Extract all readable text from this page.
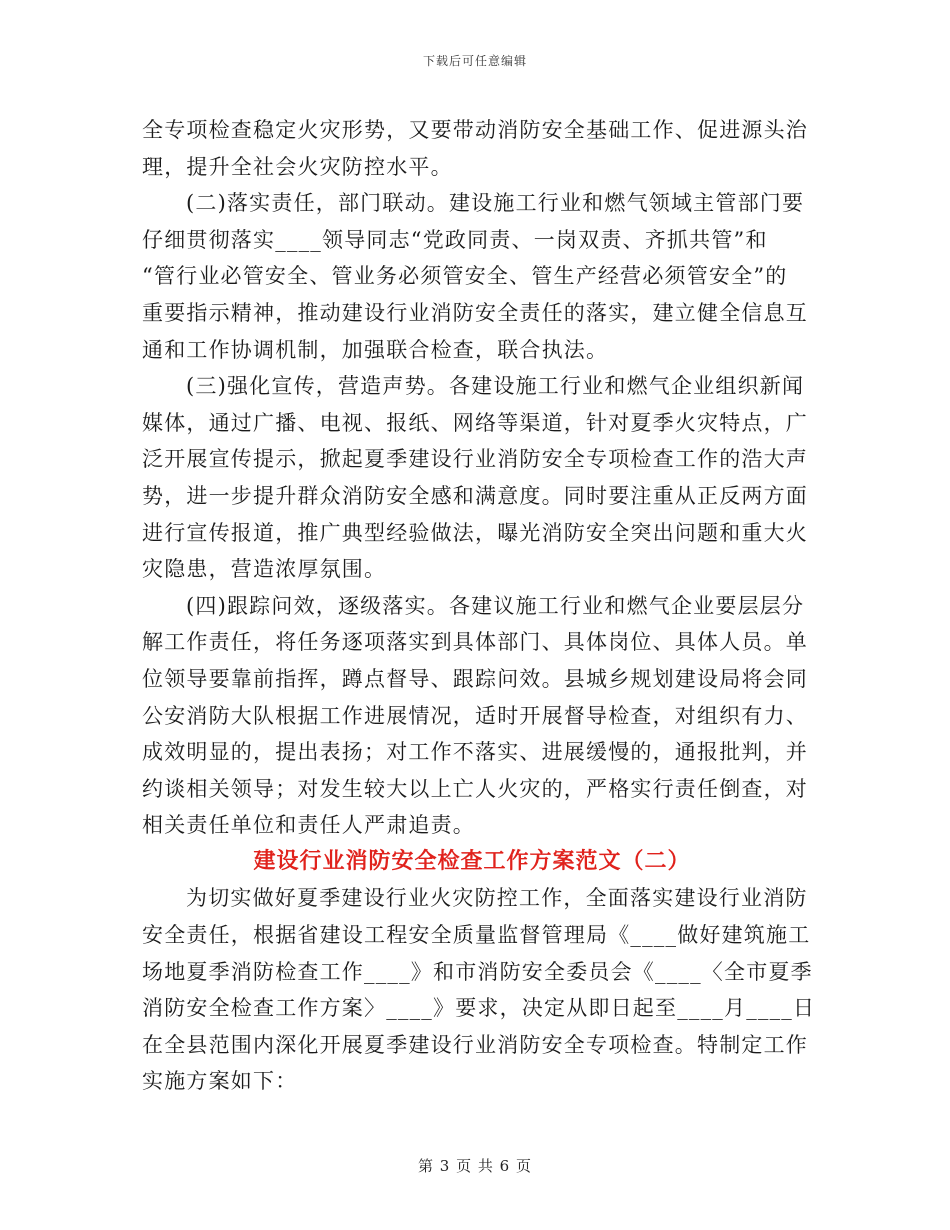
下载后可任意编辑
全专项检查稳定火灾形势，又要带动消防安全基础工作、促进源头治
理，提升全社会火灾防控水平。
(二)落实责任，部门联动。建设施工行业和燃气领域主管部门要
仔细贯彻落实____领导同志“党政同责、一岗双责、齐抓共管”和
“管行业必管安全、管业务必须管安全、管生产经营必须管安全”的
重要指示精神，推动建设行业消防安全责任的落实，建立健全信息互
通和工作协调机制，加强联合检查，联合执法。
(三)强化宣传，营造声势。各建设施工行业和燃气企业组织新闻
媒体，通过广播、电视、报纸、网络等渠道，针对夏季火灾特点，广
泛开展宣传提示，掀起夏季建设行业消防安全专项检查工作的浩大声
势，进一步提升群众消防安全感和满意度。同时要注重从正反两方面
进行宣传报道，推广典型经验做法，曝光消防安全突出问题和重大火
灾隐患，营造浓厚氛围。
(四)跟踪问效，逐级落实。各建议施工行业和燃气企业要层层分
解工作责任，将任务逐项落实到具体部门、具体岗位、具体人员。单
位领导要靠前指挥，蹲点督导、跟踪问效。县城乡规划建设局将会同
公安消防大队根据工作进展情况，适时开展督导检查，对组织有力、
成效明显的，提出表扬；对工作不落实、进展缓慢的，通报批判，并
约谈相关领导；对发生较大以上亡人火灾的，严格实行责任倒查，对
相关责任单位和责任人严肃追责。
建设行业消防安全检查工作方案范文（二）
为切实做好夏季建设行业火灾防控工作，全面落实建设行业消防
安全责任，根据省建设工程安全质量监督管理局《____做好建筑施工
场地夏季消防检查工作____》和市消防安全委员会《____〈全市夏季
消防安全检查工作方案〉____》要求，决定从即日起至____月____日
在全县范围内深化开展夏季建设行业消防安全专项检查。特制定工作
实施方案如下：
第 3 页 共 6 页
